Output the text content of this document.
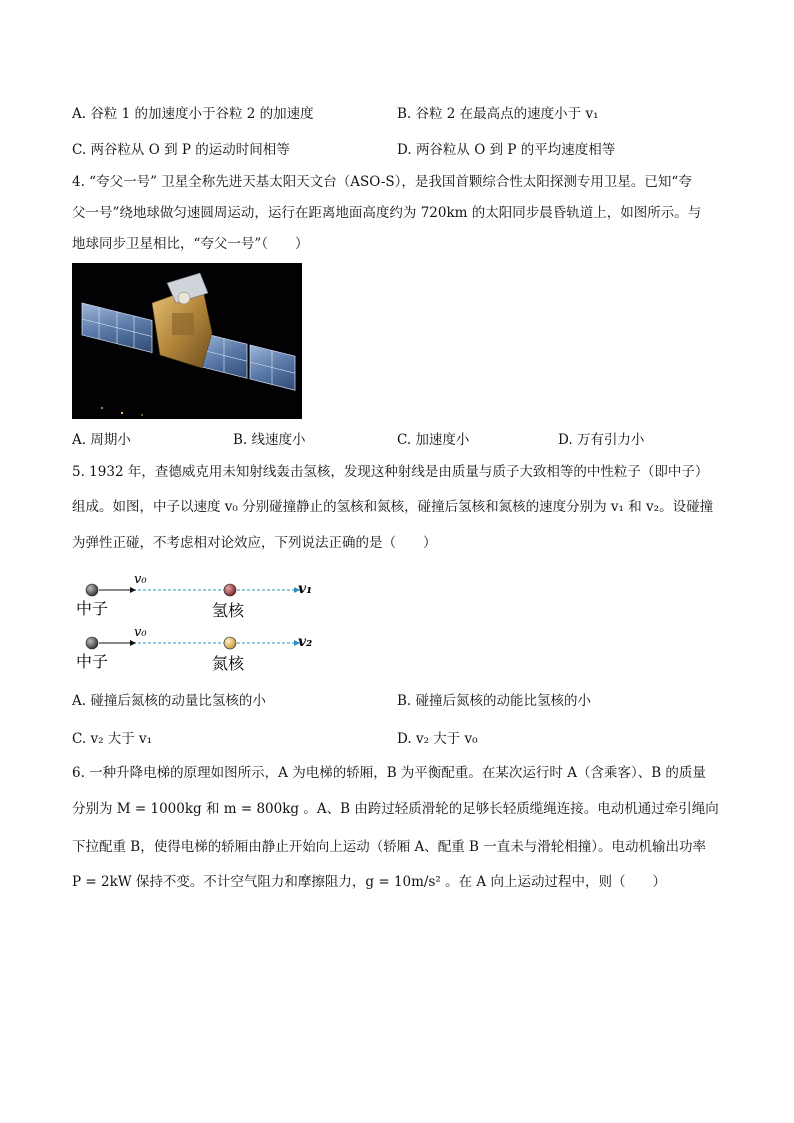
A. 谷粒 1 的加速度小于谷粒 2 的加速度	B. 谷粒 2 在最高点的速度小于 v₁
C. 两谷粒从 O 到 P 的运动时间相等	D. 两谷粒从 O 到 P 的平均速度相等
4. “夸父一号” 卫星全称先进天基太阳天文台（ASO-S），是我国首颗综合性太阳探测专用卫星。已知“夸
父一号”绕地球做匀速圆周运动，运行在距离地面高度约为 720km 的太阳同步晨昏轨道上，如图所示。与
地球同步卫星相比，“夸父一号”（　　）
A. 周期小	B. 线速度小	C. 加速度小	D. 万有引力小
5. 1932 年，查德威克用未知射线轰击氢核，发现这种射线是由质量与质子大致相等的中性粒子（即中子）
组成。如图，中子以速度 v₀ 分别碰撞静止的氢核和氮核，碰撞后氢核和氮核的速度分别为 v₁ 和 v₂。设碰撞
为弹性正碰，不考虑相对论效应，下列说法正确的是（　　）
v₀
v₁
中子	氢核
v₀
v₂
中子	氮核
A. 碰撞后氮核的动量比氢核的小	B. 碰撞后氮核的动能比氢核的小
C. v₂ 大于 v₁	D. v₂ 大于 v₀
6. 一种升降电梯的原理如图所示，A 为电梯的轿厢，B 为平衡配重。在某次运行时 A（含乘客）、B 的质量
分别为 M = 1000kg 和 m = 800kg 。A、B 由跨过轻质滑轮的足够长轻质缆绳连接。电动机通过牵引绳向
下拉配重 B，使得电梯的轿厢由静止开始向上运动（轿厢 A、配重 B 一直未与滑轮相撞）。电动机输出功率
P = 2kW 保持不变。不计空气阻力和摩擦阻力，g = 10m/s² 。在 A 向上运动过程中，则（　　）
